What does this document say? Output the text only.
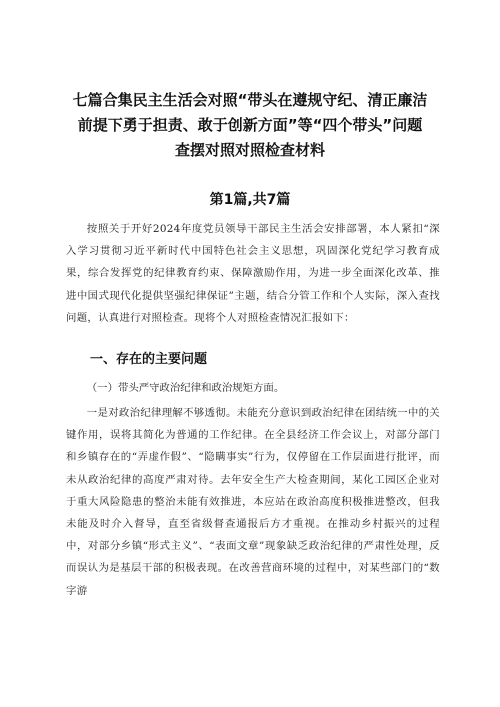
七篇合集民主生活会对照“带头在遵规守纪、清正廉洁
前提下勇于担责、敢于创新方面”等“四个带头”问题
查摆对照对照检查材料
第1篇,共7篇

按照关于开好2024年度党员领导干部民主生活会安排部署，本人紧扣“深入学习贯彻习近平新时代中国特色社会主义思想，巩固深化党纪学习教育成果，综合发挥党的纪律教育约束、保障激励作用，为进一步全面深化改革、推进中国式现代化提供坚强纪律保证”主题，结合分管工作和个人实际，深入查找问题，认真进行对照检查。现将个人对照检查情况汇报如下：

一、存在的主要问题
（一）带头严守政治纪律和政治规矩方面。

一是对政治纪律理解不够透彻。未能充分意识到政治纪律在团结统一中的关键作用，误将其简化为普通的工作纪律。在全县经济工作会议上，对部分部门和乡镇存在的“弄虚作假”、“隐瞒事实”行为，仅停留在工作层面进行批评，而未从政治纪律的高度严肃对待。去年安全生产大检查期间，某化工园区企业对于重大风险隐患的整治未能有效推进，本应站在政治高度积极推进整改，但我未能及时介入督导，直至省级督查通报后方才重视。在推动乡村振兴的过程中，对部分乡镇“形式主义”、“表面文章”现象缺乏政治纪律的严肃性处理，反而误认为是基层干部的积极表现。在改善营商环境的过程中，对某些部门的“数字游
